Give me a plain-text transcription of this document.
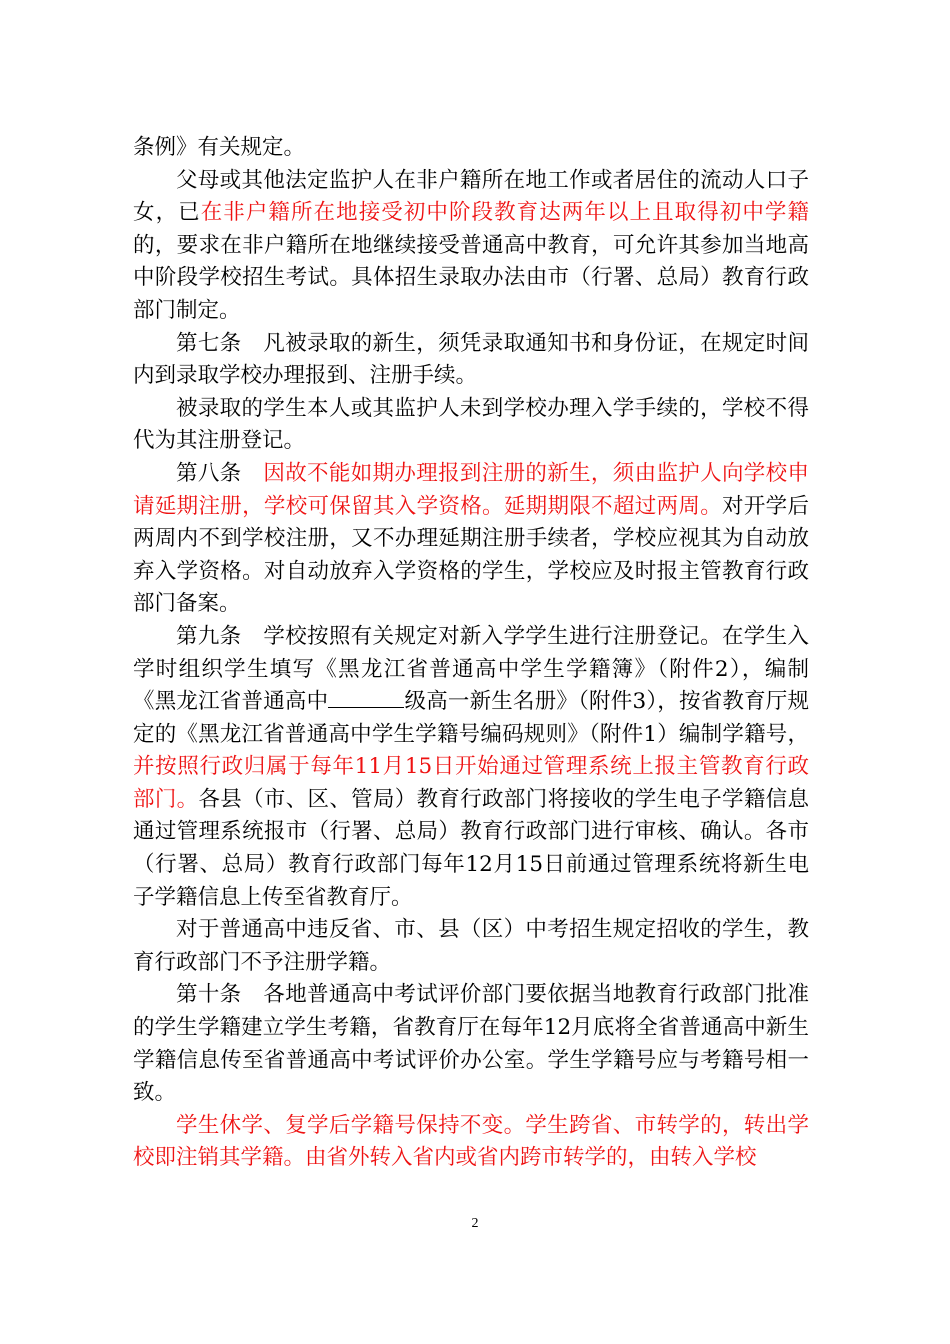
条例》有关规定。

父母或其他法定监护人在非户籍所在地工作或者居住的流动人口子女，已在非户籍所在地接受初中阶段教育达两年以上且取得初中学籍的，要求在非户籍所在地继续接受普通高中教育，可允许其参加当地高中阶段学校招生考试。具体招生录取办法由市（行署、总局）教育行政部门制定。

第七条　凡被录取的新生，须凭录取通知书和身份证，在规定时间内到录取学校办理报到、注册手续。

被录取的学生本人或其监护人未到学校办理入学手续的，学校不得代为其注册登记。

第八条　因故不能如期办理报到注册的新生，须由监护人向学校申请延期注册，学校可保留其入学资格。延期期限不超过两周。对开学后两周内不到学校注册，又不办理延期注册手续者，学校应视其为自动放弃入学资格。对自动放弃入学资格的学生，学校应及时报主管教育行政部门备案。

第九条　学校按照有关规定对新入学学生进行注册登记。在学生入学时组织学生填写《黑龙江省普通高中学生学籍簿》（附件2），编制《黑龙江省普通高中	级高一新生名册》（附件3），按省教育厅规定的《黑龙江省普通高中学生学籍号编码规则》（附件1）编制学籍号，并按照行政归属于每年11月15日开始通过管理系统上报主管教育行政部门。各县（市、区、管局）教育行政部门将接收的学生电子学籍信息通过管理系统报市（行署、总局）教育行政部门进行审核、确认。各市（行署、总局）教育行政部门每年12月15日前通过管理系统将新生电子学籍信息上传至省教育厅。

对于普通高中违反省、市、县（区）中考招生规定招收的学生，教育行政部门不予注册学籍。

第十条　各地普通高中考试评价部门要依据当地教育行政部门批准的学生学籍建立学生考籍，省教育厅在每年12月底将全省普通高中新生学籍信息传至省普通高中考试评价办公室。学生学籍号应与考籍号相一致。

学生休学、复学后学籍号保持不变。学生跨省、市转学的，转出学校即注销其学籍。由省外转入省内或省内跨市转学的，由转入学校

2
